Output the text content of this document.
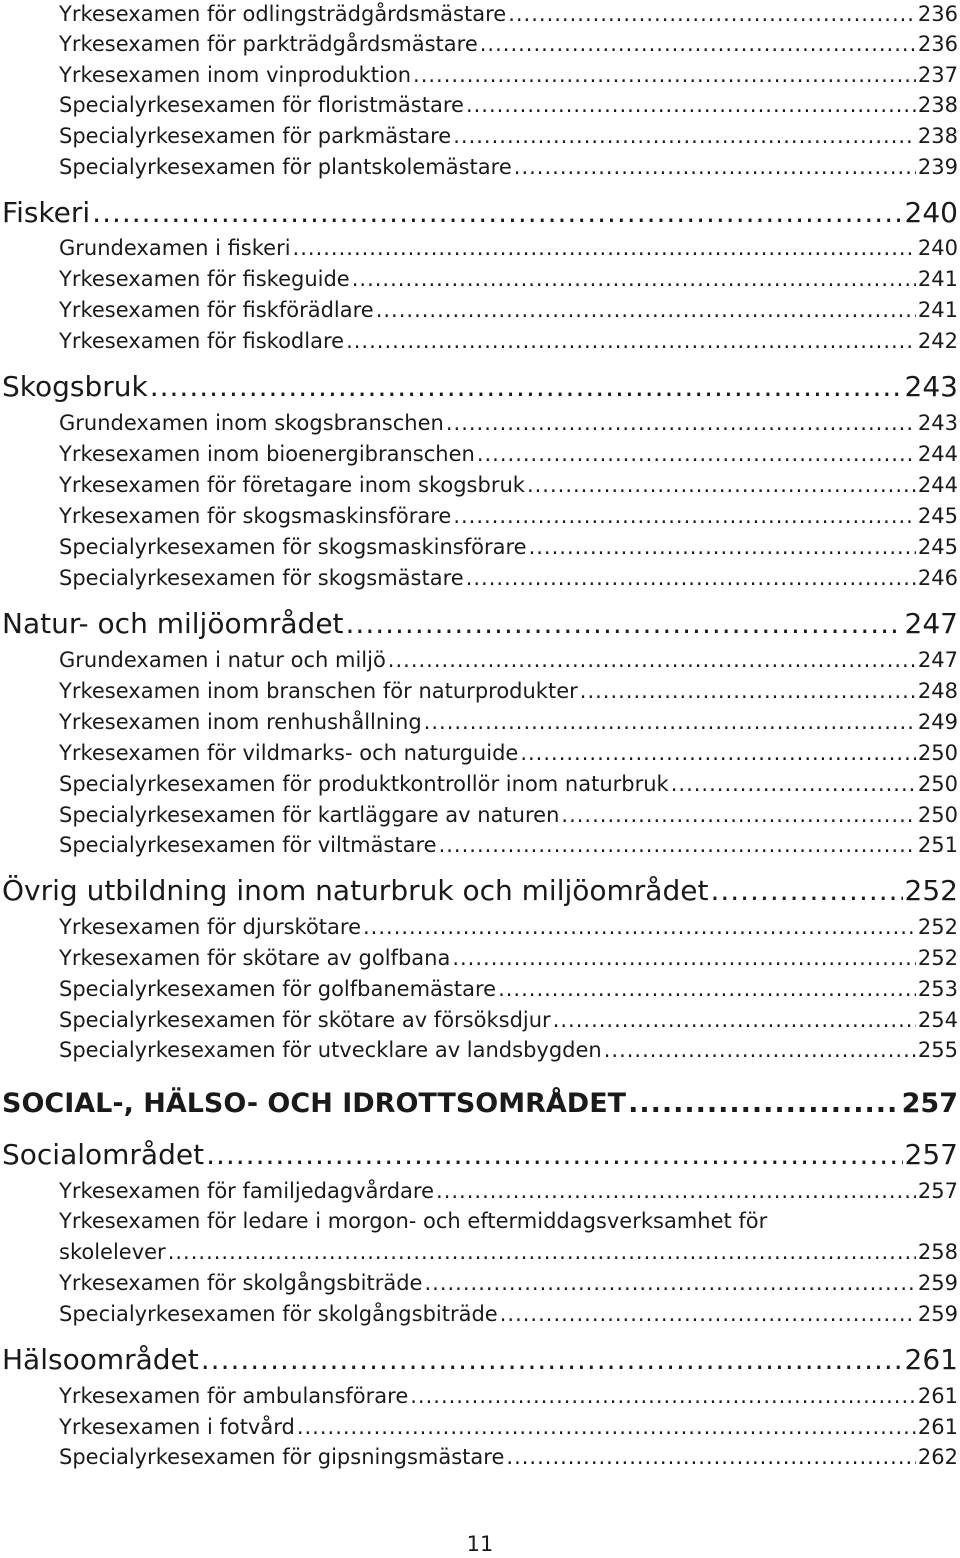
Yrkesexamen för odlingsträdgårdsmästare .....	236
Yrkesexamen för parkträdgårdsmästare .....	236
Yrkesexamen inom vinproduktion .....	237
Specialyrkesexamen för floristmästare .....	238
Specialyrkesexamen för parkmästare .....	238
Specialyrkesexamen för plantskolemästare .....	239
Fiskeri .....	240
Grundexamen i fiskeri .....	240
Yrkesexamen för fiskeguide .....	241
Yrkesexamen för fiskförädlare .....	241
Yrkesexamen för fiskodlare .....	242
Skogsbruk .....	243
Grundexamen inom skogsbranschen .....	243
Yrkesexamen inom bioenergibranschen .....	244
Yrkesexamen för företagare inom skogsbruk .....	244
Yrkesexamen för skogsmaskinsförare .....	245
Specialyrkesexamen för skogsmaskinsförare .....	245
Specialyrkesexamen för skogsmästare .....	246
Natur- och miljöområdet .....	247
Grundexamen i natur och miljö .....	247
Yrkesexamen inom branschen för naturprodukter .....	248
Yrkesexamen inom renhushållning .....	249
Yrkesexamen för vildmarks- och naturguide .....	250
Specialyrkesexamen för produktkontrollör inom naturbruk .....	250
Specialyrkesexamen för kartläggare av naturen .....	250
Specialyrkesexamen för viltmästare .....	251
Övrig utbildning inom naturbruk och miljöområdet .....	252
Yrkesexamen för djurskötare .....	252
Yrkesexamen för skötare av golfbana .....	252
Specialyrkesexamen för golfbanemästare .....	253
Specialyrkesexamen för skötare av försöksdjur .....	254
Specialyrkesexamen för utvecklare av landsbygden .....	255
SOCIAL-, HÄLSO- OCH IDROTTSOMRÅDET .....	257
Socialområdet .....	257
Yrkesexamen för familjedagvårdare .....	257
Yrkesexamen för ledare i morgon- och eftermiddagsverksamhet för
skolelever .....	258
Yrkesexamen för skolgångsbiträde .....	259
Specialyrkesexamen för skolgångsbiträde .....	259
Hälsoområdet .....	261
Yrkesexamen för ambulansförare .....	261
Yrkesexamen i fotvård .....	261
Specialyrkesexamen för gipsningsmästare .....	262
11
